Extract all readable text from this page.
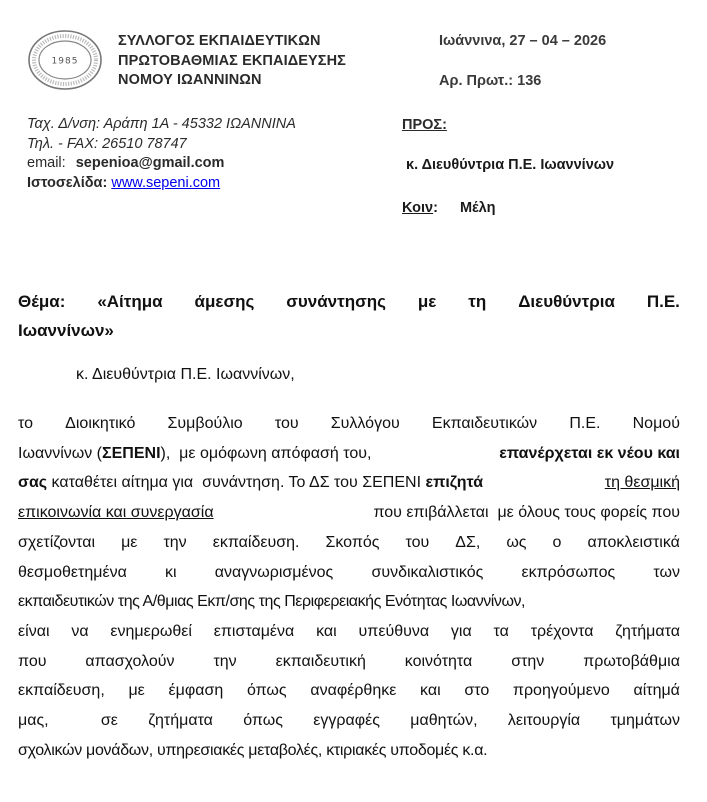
1985
ΣΥΛΛΟΓΟΣ ΕΚΠΑΙΔΕΥΤΙΚΩΝ
ΠΡΩΤΟΒΑΘΜΙΑΣ ΕΚΠΑΙΔΕΥΣΗΣ
ΝΟΜΟΥ ΙΩΑΝΝΙΝΩΝ
Ιωάννινα, 27 – 04 – 2026
Αρ. Πρωτ.: 136
Ταχ. Δ/νση: Αράπη 1Α - 45332 ΙΩΑΝΝΙΝΑ
Τηλ. - FAX: 26510 78747
email: sepenioa@gmail.com
Ιστοσελίδα: www.sepeni.com
ΠΡΟΣ:
κ. Διευθύντρια Π.Ε. Ιωαννίνων
Κοιν: Μέλη
Θέμα: «Αίτημα άμεσης συνάντησης με τη Διευθύντρια Π.Ε.
Ιωαννίνων»
κ. Διευθύντρια Π.Ε. Ιωαννίνων,
το Διοικητικό Συμβούλιο του Συλλόγου Εκπαιδευτικών Π.Ε. Νομού
Ιωαννίνων (ΣΕΠΕΝΙ),  με ομόφωνη απόφασή του,	επανέρχεται εκ νέου και
σας καταθέτει αίτημα για  συνάντηση. Το ΔΣ του ΣΕΠΕΝΙ επιζητά	τη θεσμική
επικοινωνία και συνεργασία	που επιβάλλεται  με όλους τους φορείς που
σχετίζονται με την εκπαίδευση. Σκοπός του ΔΣ, ως ο αποκλειστικά
θεσμοθετημένα κι αναγνωρισμένος συνδικαλιστικός εκπρόσωπος των
εκπαιδευτικών της Α/θμιας Εκπ/σης της Περιφερειακής Ενότητας Ιωαννίνων,
είναι να ενημερωθεί επισταμένα και υπεύθυνα για τα τρέχοντα ζητήματα
που απασχολούν την εκπαιδευτική κοινότητα στην πρωτοβάθμια
εκπαίδευση, με έμφαση όπως αναφέρθηκε και στο προηγούμενο αίτημά
μας,	σε ζητήματα όπως εγγραφές μαθητών, λειτουργία τμημάτων
σχολικών μονάδων, υπηρεσιακές μεταβολές, κτιριακές υποδομές κ.α.
